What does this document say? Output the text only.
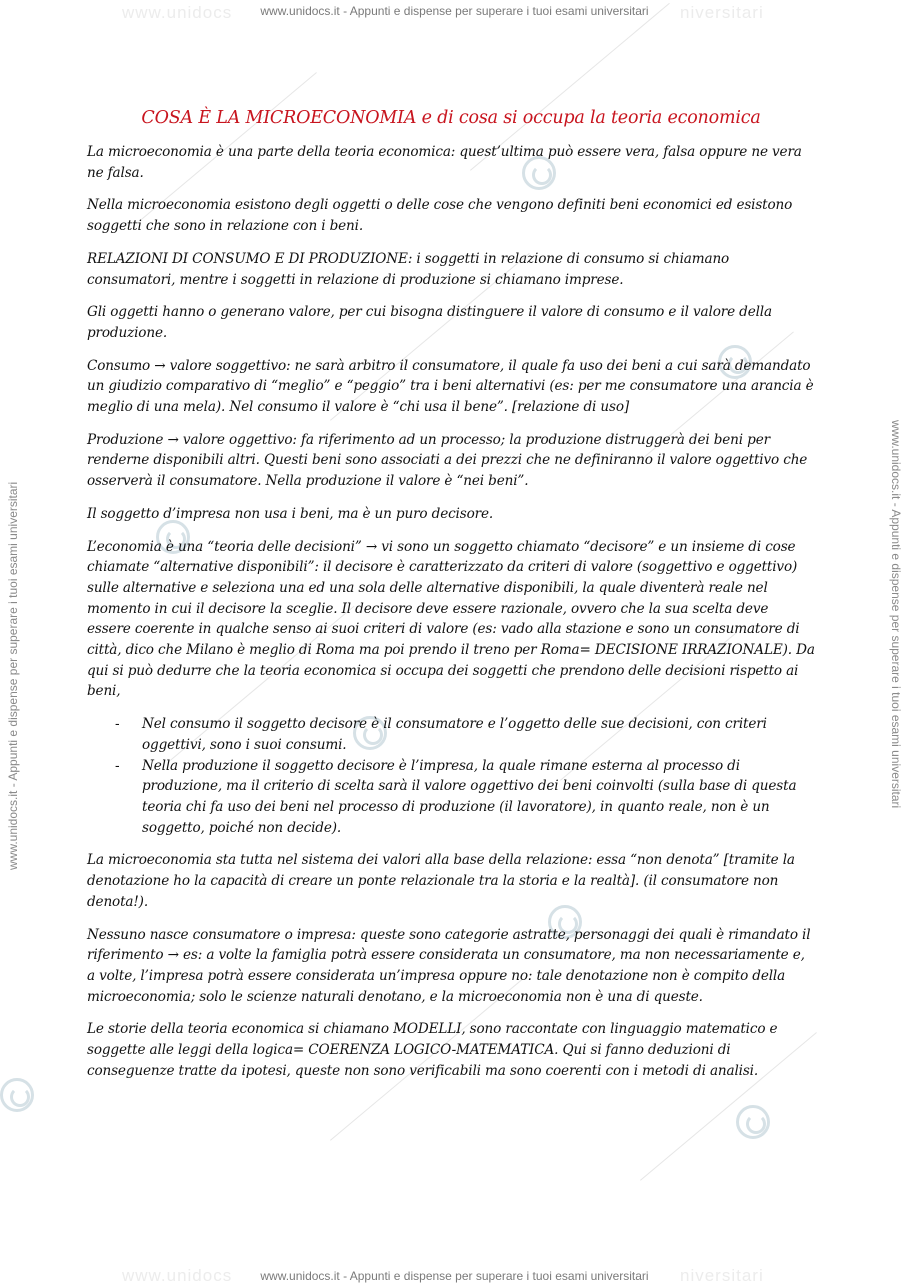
www.unidocs	niversitari
www.unidocs	niversitari
www.unidocs.it - Appunti e dispense per superare i tuoi esami universitari
www.unidocs.it - Appunti e dispense per superare i tuoi esami universitari
www.unidocs.it - Appunti e dispense per superare i tuoi esami universitari	www.unidocs.it - Appunti e dispense per superare i tuoi esami universitari
COSA È LA MICROECONOMIA e di cosa si occupa la teoria economica

La microeconomia è una parte della teoria economica: quest’ultima può essere vera, falsa oppure ne vera ne falsa.

Nella microeconomia esistono degli oggetti o delle cose che vengono definiti beni economici ed esistono soggetti che sono in relazione con i beni.

RELAZIONI DI CONSUMO E DI PRODUZIONE: i soggetti in relazione di consumo si chiamano consumatori, mentre i soggetti in relazione di produzione si chiamano imprese.

Gli oggetti hanno o generano valore, per cui bisogna distinguere il valore di consumo e il valore della produzione.

Consumo → valore soggettivo: ne sarà arbitro il consumatore, il quale fa uso dei beni a cui sarà demandato un giudizio comparativo di “meglio” e “peggio” tra i beni alternativi (es: per me consumatore una arancia è meglio di una mela). Nel consumo il valore è “chi usa il bene”. [relazione di uso]

Produzione → valore oggettivo: fa riferimento ad un processo; la produzione distruggerà dei beni per renderne disponibili altri. Questi beni sono associati a dei prezzi che ne definiranno il valore oggettivo che osserverà il consumatore. Nella produzione il valore è “nei beni”.

Il soggetto d’impresa non usa i beni, ma è un puro decisore.

L’economia è una “teoria delle decisioni” → vi sono un soggetto chiamato “decisore” e un insieme di cose chiamate “alternative disponibili”: il decisore è caratterizzato da criteri di valore (soggettivo e oggettivo) sulle alternative e seleziona una ed una sola delle alternative disponibili, la quale diventerà reale nel momento in cui il decisore la sceglie. Il decisore deve essere razionale, ovvero che la sua scelta deve essere coerente in qualche senso ai suoi criteri di valore (es: vado alla stazione e sono un consumatore di città, dico che Milano è meglio di Roma ma poi prendo il treno per Roma= DECISIONE IRRAZIONALE). Da qui si può dedurre che la teoria economica si occupa dei soggetti che prendono delle decisioni rispetto ai beni,

- Nel consumo il soggetto decisore è il consumatore e l’oggetto delle sue decisioni, con criteri oggettivi, sono i suoi consumi.
- Nella produzione il soggetto decisore è l’impresa, la quale rimane esterna al processo di produzione, ma il criterio di scelta sarà il valore oggettivo dei beni coinvolti (sulla base di questa teoria chi fa uso dei beni nel processo di produzione (il lavoratore), in quanto reale, non è un soggetto, poiché non decide).

La microeconomia sta tutta nel sistema dei valori alla base della relazione: essa “non denota” [tramite la denotazione ho la capacità di creare un ponte relazionale tra la storia e la realtà]. (il consumatore non denota!).

Nessuno nasce consumatore o impresa: queste sono categorie astratte, personaggi dei quali è rimandato il riferimento → es: a volte la famiglia potrà essere considerata un consumatore, ma non necessariamente e, a volte, l’impresa potrà essere considerata un’impresa oppure no: tale denotazione non è compito della microeconomia; solo le scienze naturali denotano, e la microeconomia non è una di queste.

Le storie della teoria economica si chiamano MODELLI, sono raccontate con linguaggio matematico e soggette alle leggi della logica= COERENZA LOGICO-MATEMATICA. Qui si fanno deduzioni di conseguenze tratte da ipotesi, queste non sono verificabili ma sono coerenti con i metodi di analisi.
